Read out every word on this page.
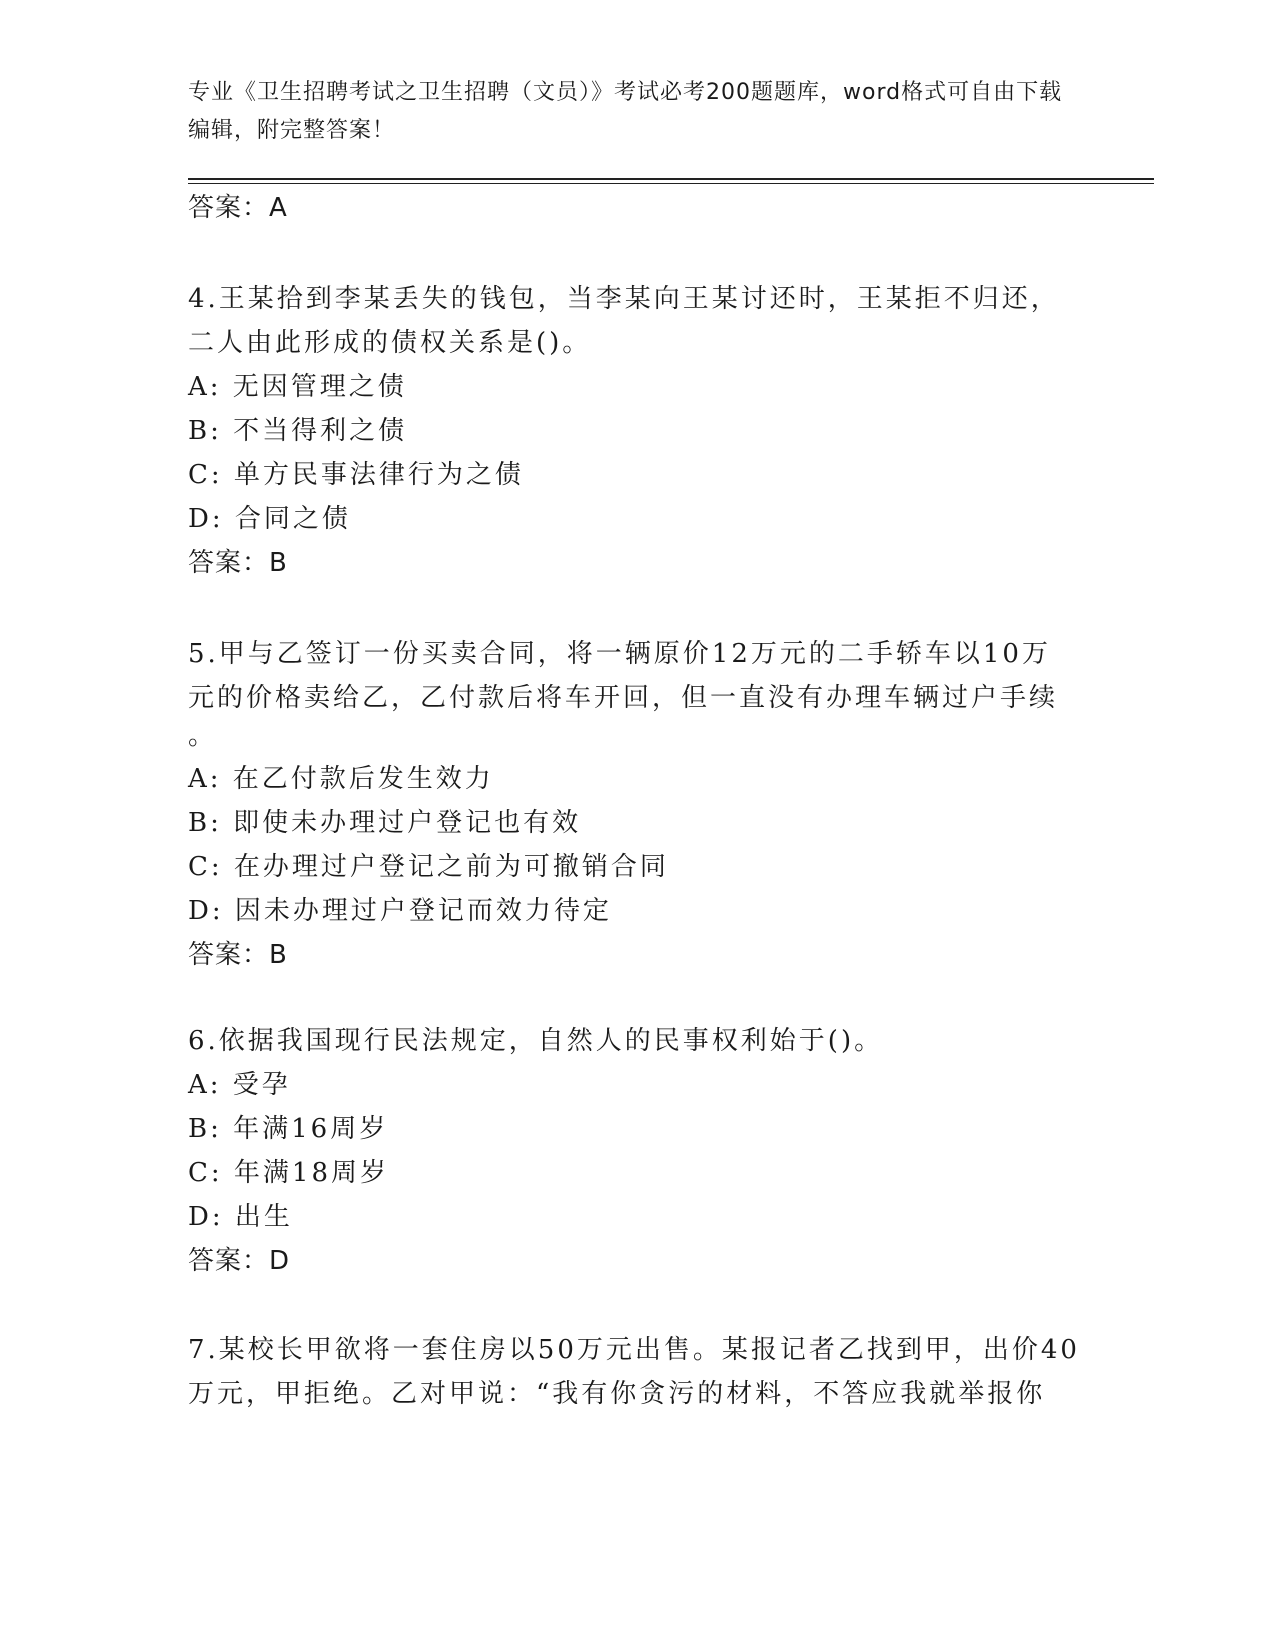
专业《卫生招聘考试之卫生招聘（文员）》考试必考200题题库，word格式可自由下载编辑，附完整答案！
答案：A
4.王某拾到李某丢失的钱包，当李某向王某讨还时，王某拒不归还，
二人由此形成的债权关系是()。
A: 无因管理之债
B: 不当得利之债
C: 单方民事法律行为之债
D: 合同之债
答案：B
5.甲与乙签订一份买卖合同，将一辆原价12万元的二手轿车以10万
元的价格卖给乙，乙付款后将车开回，但一直没有办理车辆过户手续
。
A: 在乙付款后发生效力
B: 即使未办理过户登记也有效
C: 在办理过户登记之前为可撤销合同
D: 因未办理过户登记而效力待定
答案：B
6.依据我国现行民法规定，自然人的民事权利始于()。
A: 受孕
B: 年满16周岁
C: 年满18周岁
D: 出生
答案：D
7.某校长甲欲将一套住房以50万元出售。某报记者乙找到甲，出价40
万元，甲拒绝。乙对甲说：“我有你贪污的材料，不答应我就举报你
